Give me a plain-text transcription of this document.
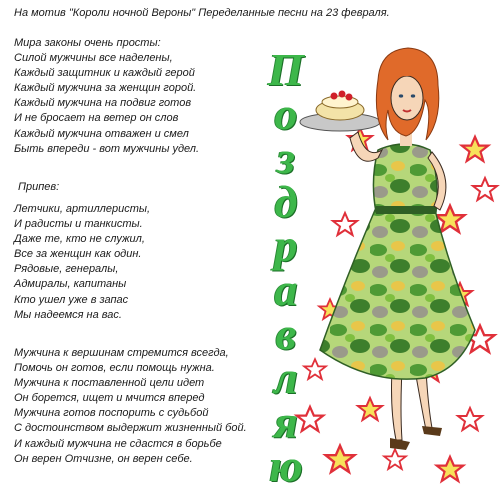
На мотив "Короли ночной Вероны" Переделанные песни на 23 февраля.
Мира законы очень просты:
Силой мужчины все наделены,
Каждый защитник и каждый герой
Каждый мужчина за женщин горой.
Каждый мужчина на подвиг готов
И не бросает на ветер он слов
Каждый мужчина отважен и смел
Быть впереди - вот мужчины удел.
Припев:
Летчики, артиллеристы,
И радисты и танкисты.
Даже те, кто не служил,
Все за женщин как один.
Рядовые, генералы,
Адмиралы, капитаны
Кто ушел уже в запас
Мы надеемся на вас.
Мужчина к вершинам стремится всегда,
Помочь он готов, если помощь нужна.
Мужчина к поставленной цели идет
Он борется, ищет и мчится вперед
Мужчина готов поспорить с судьбой
С достоинством выдержит жизненный бой.
И каждый мужчина не сдастся в борьбе
Он верен Отчизне, он верен себе.
П
о
з
д
р
а
в
л
я
ю
